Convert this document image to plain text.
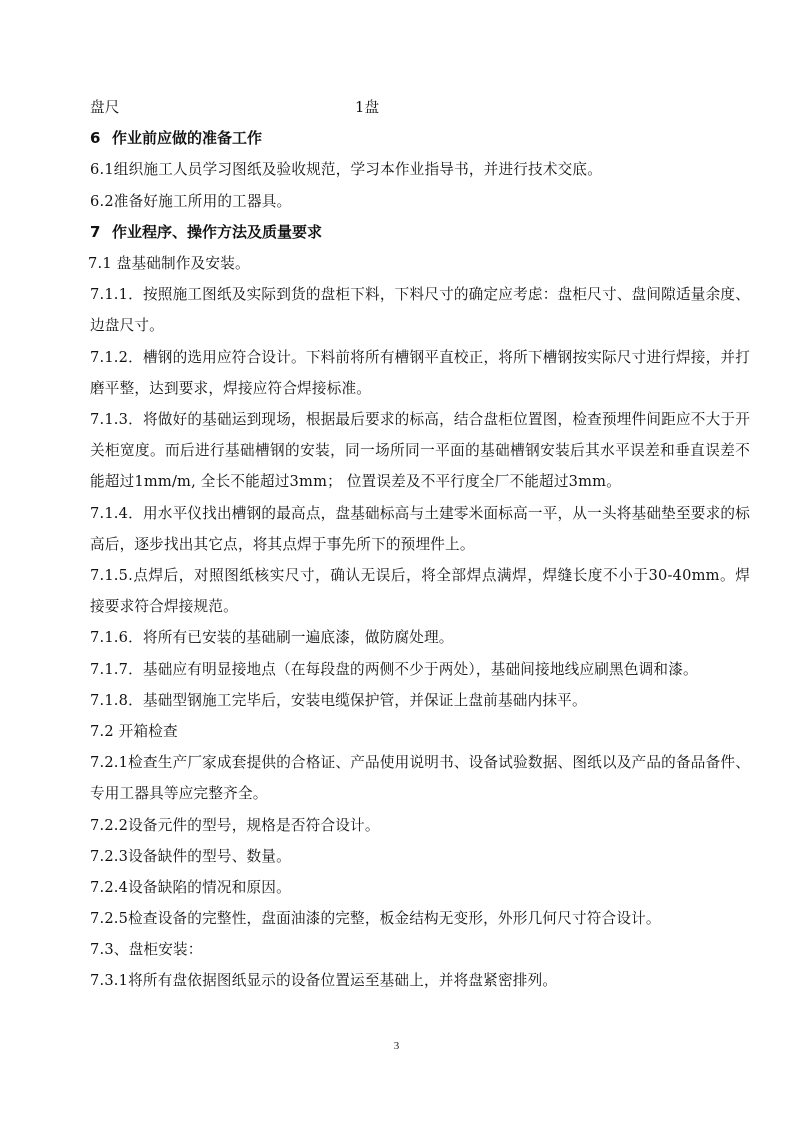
盘尺	1盘
6 作业前应做的准备工作
6.1组织施工人员学习图纸及验收规范，学习本作业指导书，并进行技术交底。
6.2准备好施工所用的工器具。
7 作业程序、操作方法及质量要求
7.1 盘基础制作及安装。
7.1.1．按照施工图纸及实际到货的盘柜下料，下料尺寸的确定应考虑：盘柜尺寸、盘间隙适量余度、边盘尺寸。
7.1.2．槽钢的选用应符合设计。下料前将所有槽钢平直校正，将所下槽钢按实际尺寸进行焊接，并打磨平整，达到要求，焊接应符合焊接标准。
7.1.3．将做好的基础运到现场，根据最后要求的标高，结合盘柜位置图，检查预埋件间距应不大于开关柜宽度。而后进行基础槽钢的安装，同一场所同一平面的基础槽钢安装后其水平误差和垂直误差不能超过1mm/m, 全长不能超过3mm； 位置误差及不平行度全厂不能超过3mm。
7.1.4．用水平仪找出槽钢的最高点，盘基础标高与土建零米面标高一平，从一头将基础垫至要求的标高后，逐步找出其它点，将其点焊于事先所下的预埋件上。
7.1.5.点焊后，对照图纸核实尺寸，确认无误后，将全部焊点满焊，焊缝长度不小于30-40mm。焊接要求符合焊接规范。
7.1.6．将所有已安装的基础刷一遍底漆，做防腐处理。
7.1.7．基础应有明显接地点（在每段盘的两侧不少于两处），基础间接地线应刷黑色调和漆。
7.1.8．基础型钢施工完毕后，安装电缆保护管，并保证上盘前基础内抹平。
7.2 开箱检查
7.2.1检查生产厂家成套提供的合格证、产品使用说明书、设备试验数据、图纸以及产品的备品备件、专用工器具等应完整齐全。
7.2.2设备元件的型号，规格是否符合设计。
7.2.3设备缺件的型号、数量。
7.2.4设备缺陷的情况和原因。
7.2.5检查设备的完整性，盘面油漆的完整，板金结构无变形，外形几何尺寸符合设计。
7.3、盘柜安装：
7.3.1将所有盘依据图纸显示的设备位置运至基础上，并将盘紧密排列。
3
